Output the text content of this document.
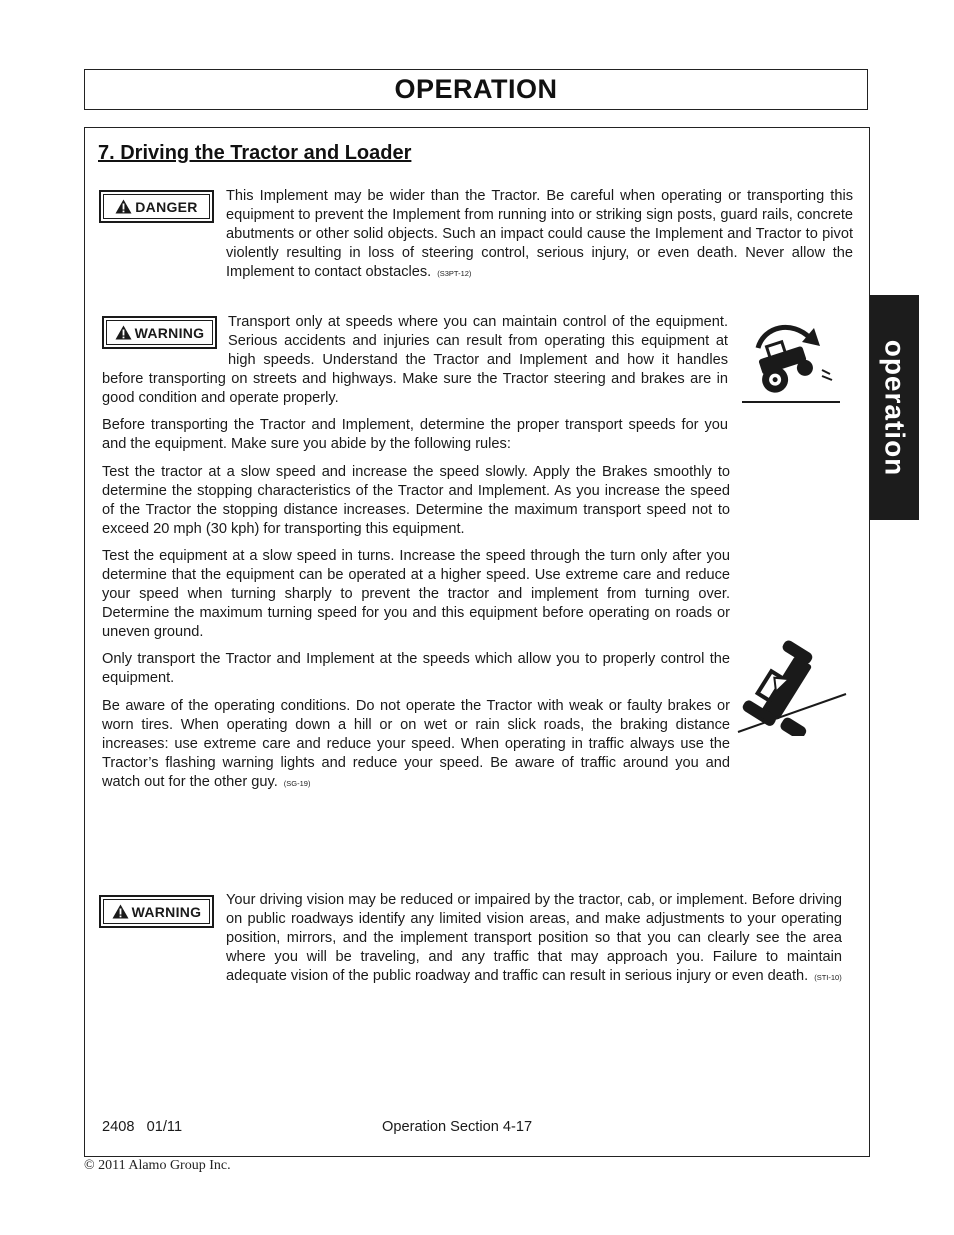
OPERATION
operation
7. Driving the Tractor and Loader
DANGER

This Implement may be wider than the Tractor. Be careful when operating or transporting this equipment to prevent the Implement from running into or striking sign posts, guard rails, concrete abutments or other solid objects. Such an impact could cause the Implement and Tractor to pivot violently resulting in loss of steering control, serious injury, or even death. Never allow the Implement to contact obstacles. (S3PT-12)

WARNING

Transport only at speeds where you can maintain control of the equipment. Serious accidents and injuries can result from operating this equipment at high speeds. Understand the Tractor and Implement and how it handles before transporting on streets and highways. Make sure the Tractor steering and brakes are in good condition and operate properly.

Before transporting the Tractor and Implement, determine the proper transport speeds for you and the equipment. Make sure you abide by the following rules:

Test the tractor at a slow speed and increase the speed slowly. Apply the Brakes smoothly to determine the stopping characteristics of the Tractor and Implement. As you increase the speed of the Tractor the stopping distance increases. Determine the maximum transport speed not to exceed 20 mph (30 kph) for transporting this equipment.

Test the equipment at a slow speed in turns. Increase the speed through the turn only after you determine that the equipment can be operated at a higher speed. Use extreme care and reduce your speed when turning sharply to prevent the tractor and implement from turning over. Determine the maximum turning speed for you and this equipment before operating on roads or uneven ground.

Only transport the Tractor and Implement at the speeds which allow you to properly control the equipment.

Be aware of the operating conditions. Do not operate the Tractor with weak or faulty brakes or worn tires. When operating down a hill or on wet or rain slick roads, the braking distance increases: use extreme care and reduce your speed. When operating in traffic always use the Tractor’s flashing warning lights and reduce your speed. Be aware of traffic around you and watch out for the other guy. (SG-19)

WARNING

Your driving vision may be reduced or impaired by the tractor, cab, or implement. Before driving on public roadways identify any limited vision areas, and make adjustments to your operating position, mirrors, and the implement transport position so that you can clearly see the area where you will be traveling, and any traffic that may approach you. Failure to maintain adequate vision of the public roadway and traffic can result in serious injury or even death. (STI-10)

2408   01/11	Operation Section 4-17
© 2011 Alamo Group Inc.
